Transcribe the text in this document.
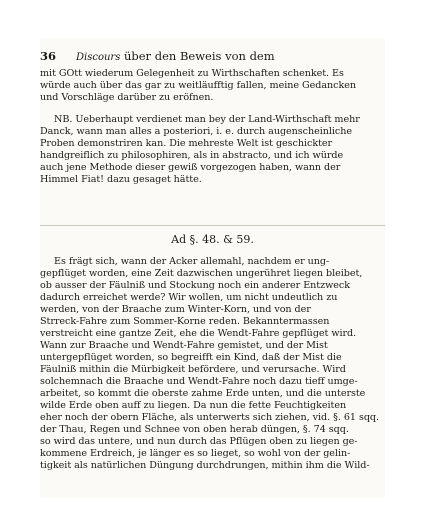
36 Discours über den Beweis von dem
mit GOtt wiederum Gelegenheit zu Wirthschaften schenket. Es
würde auch über das gar zu weitläufftig fallen, meine Gedancken
und Vorschläge darüber zu eröfnen.
NB. Ueberhaupt verdienet man bey der Land-Wirthschaft mehr
Danck, wann man alles a posteriori, i. e. durch augenscheinliche
Proben demonstriren kan. Die mehreste Welt ist geschickter
handgreiflich zu philosophiren, als in abstracto, und ich würde
auch jene Methode dieser gewiß vorgezogen haben, wann der
Himmel Fiat! dazu gesaget hätte.
Ad §. 48. & 59.
Es frägt sich, wann der Acker allemahl, nachdem er ung-
gepflüget worden, eine Zeit dazwischen ungerühret liegen bleibet,
ob ausser der Fäulniß und Stockung noch ein anderer Entzweck
dadurch erreichet werde? Wir wollen, um nicht undeutlich zu
werden, von der Braache zum Winter-Korn, und von der
Strreck-Fahre zum Sommer-Korne reden. Bekanntermassen
verstreicht eine gantze Zeit, ehe die Wendt-Fahre gepflüget wird.
Wann zur Braache und Wendt-Fahre gemistet, und der Mist
untergepflüget worden, so begreifft ein Kind, daß der Mist die
Fäulniß mithin die Mürbigkeit befördere, und verursache. Wird
solchemnach die Braache und Wendt-Fahre noch dazu tieff umge-
arbeitet, so kommt die oberste zahme Erde unten, und die unterste
wilde Erde oben auff zu liegen. Da nun die fette Feuchtigkeiten
eher noch der obern Fläche, als unterwerts sich ziehen, vid. §. 61 sqq.
der Thau, Regen und Schnee von oben herab düngen, §. 74 sqq.
so wird das untere, und nun durch das Pflügen oben zu liegen ge-
kommene Erdreich, je länger es so lieget, so wohl von der gelin-
tigkeit als natürlichen Düngung durchdrungen, mithin ihm die Wild-
